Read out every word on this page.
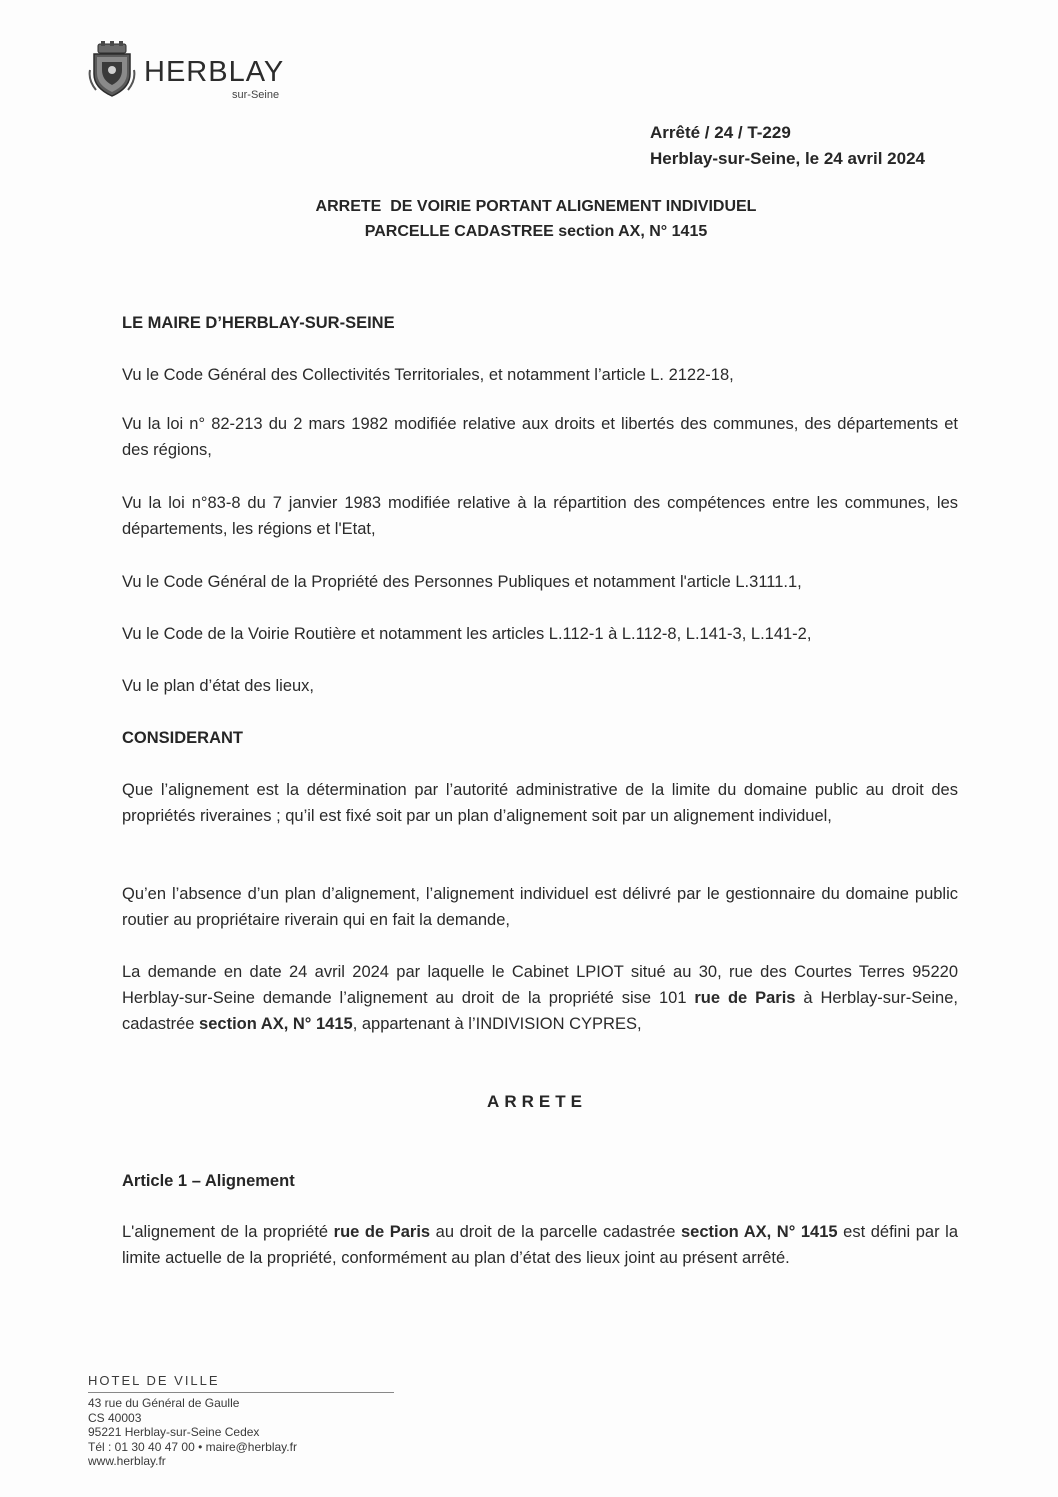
HERBLAY
sur-Seine
Arrêté / 24 / T-229
Herblay-sur-Seine, le 24 avril 2024
ARRETE  DE VOIRIE PORTANT ALIGNEMENT INDIVIDUEL
PARCELLE CADASTREE section AX, N° 1415
LE MAIRE D’HERBLAY-SUR-SEINE
Vu le Code Général des Collectivités Territoriales, et notamment l’article L. 2122-18,
Vu la loi n° 82-213 du 2 mars 1982 modifiée relative aux droits et libertés des communes, des départements et des régions,
Vu la loi n°83-8 du 7 janvier 1983 modifiée relative à la répartition des compétences entre les communes, les départements, les régions et l'Etat,
Vu le Code Général de la Propriété des Personnes Publiques et notamment l'article L.3111.1,
Vu le Code de la Voirie Routière et notamment les articles L.112-1 à L.112-8, L.141-3, L.141-2,
Vu le plan d’état des lieux,
CONSIDERANT
Que l’alignement est la détermination par l’autorité administrative de la limite du domaine public au droit des propriétés riveraines ; qu’il est fixé soit par un plan d’alignement soit par un alignement individuel,
Qu’en l’absence d’un plan d’alignement, l’alignement individuel est délivré par le gestionnaire du domaine public routier au propriétaire riverain qui en fait la demande,
La demande en date 24 avril 2024 par laquelle le Cabinet LPIOT situé au 30, rue des Courtes Terres 95220 Herblay-sur-Seine demande l’alignement au droit de la propriété sise 101 rue de Paris à Herblay-sur-Seine, cadastrée section AX, N° 1415, appartenant à l’INDIVISION CYPRES,
ARRETE
Article 1 – Alignement
L'alignement de la propriété rue de Paris au droit de la parcelle cadastrée section AX, N° 1415 est défini par la limite actuelle de la propriété, conformément au plan d’état des lieux joint au présent arrêté.
HOTEL DE VILLE
43 rue du Général de Gaulle
CS 40003
95221 Herblay-sur-Seine Cedex
Tél : 01 30 40 47 00 • maire@herblay.fr
www.herblay.fr
